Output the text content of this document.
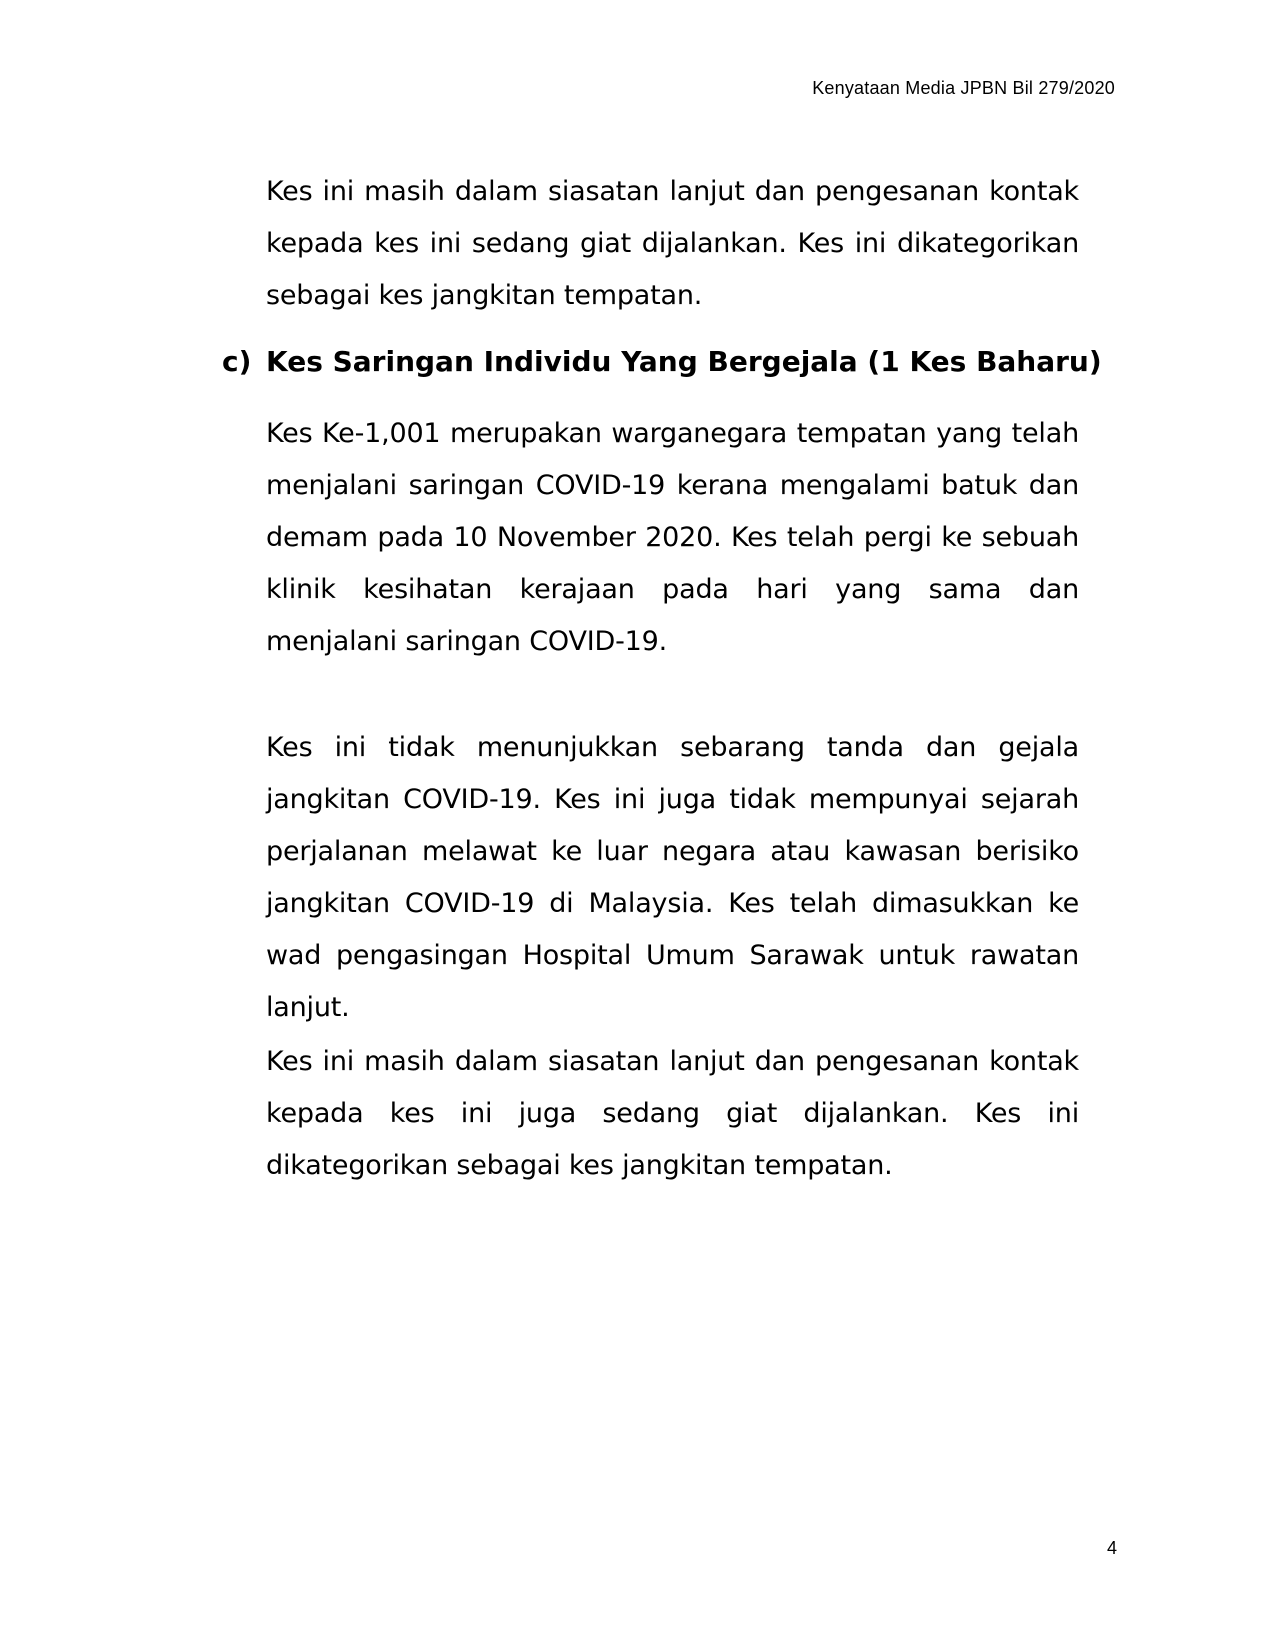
Kenyataan Media JPBN Bil 279/2020

Kes ini masih dalam siasatan lanjut dan pengesanan kontak kepada kes ini sedang giat dijalankan. Kes ini dikategorikan sebagai kes jangkitan tempatan.

c) Kes Saringan Individu Yang Bergejala (1 Kes Baharu)

Kes Ke-1,001 merupakan warganegara tempatan yang telah menjalani saringan COVID-19 kerana mengalami batuk dan demam pada 10 November 2020. Kes telah pergi ke sebuah klinik kesihatan kerajaan pada hari yang sama dan menjalani saringan COVID-19.

Kes ini tidak menunjukkan sebarang tanda dan gejala jangkitan COVID-19. Kes ini juga tidak mempunyai sejarah perjalanan melawat ke luar negara atau kawasan berisiko jangkitan COVID-19 di Malaysia. Kes telah dimasukkan ke wad pengasingan Hospital Umum Sarawak untuk rawatan lanjut.

Kes ini masih dalam siasatan lanjut dan pengesanan kontak kepada kes ini juga sedang giat dijalankan. Kes ini dikategorikan sebagai kes jangkitan tempatan.

4
